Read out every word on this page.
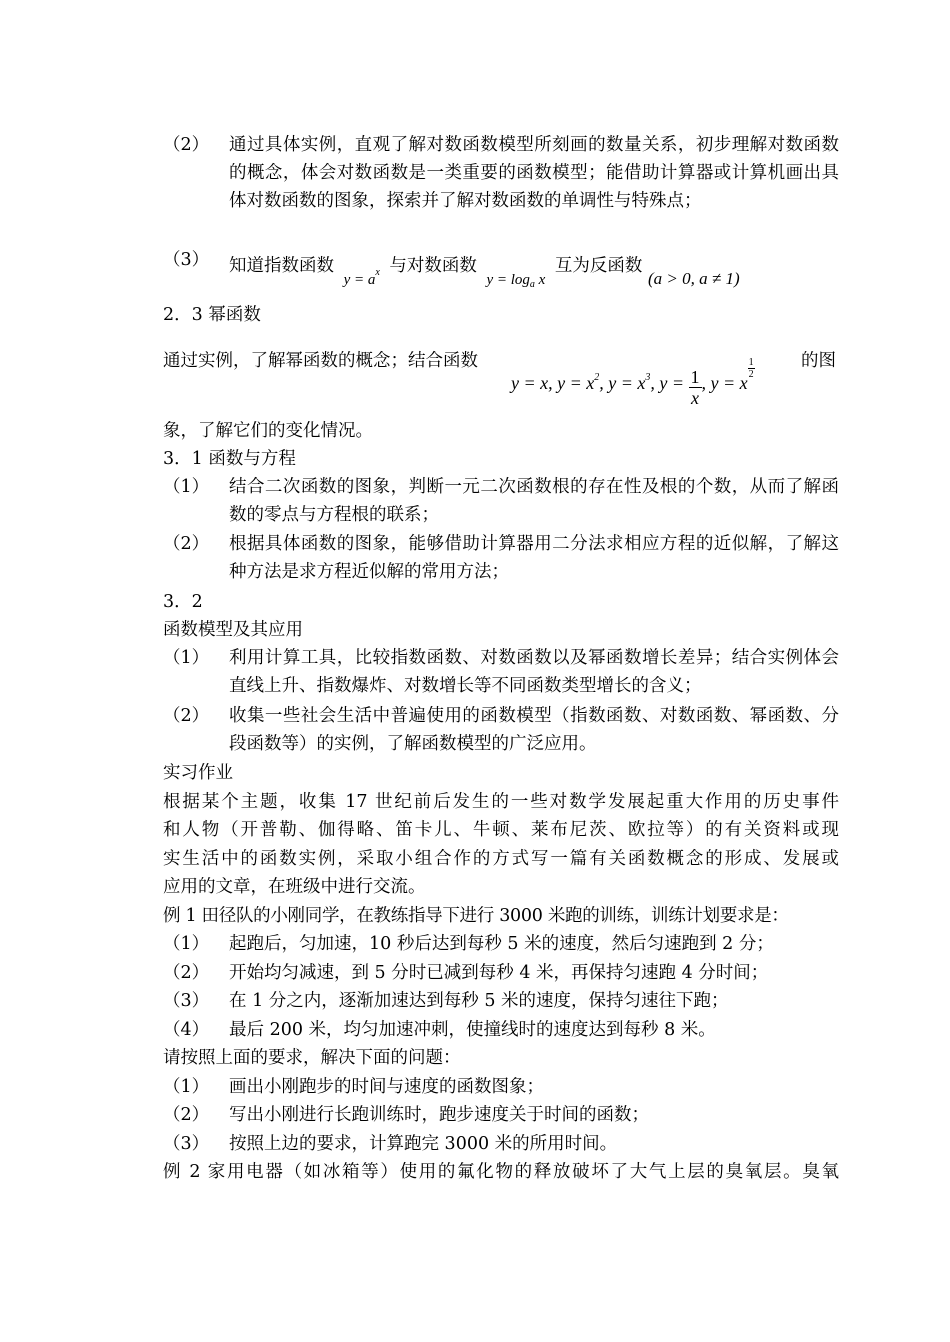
（2）	通过具体实例，直观了解对数函数模型所刻画的数量关系，初步理解对数函数的概念，体会对数函数是一类重要的函数模型；能借助计算器或计算机画出具体对数函数的图象，探索并了解对数函数的单调性与特殊点；
（3） 知道指数函数 $y = a^x$ 与对数函数 $y = \log_a x$ 互为反函数 (a > 0, a ≠ 1)
2．3 幂函数
通过实例，了解幂函数的概念；结合函数
y = x, $y = x^2$, $y = x^3$, $y = \frac{1}{x}$ , y = x
$\frac{1}{2}$	的图
象，了解它们的变化情况。
3．1 函数与方程
（1）	结合二次函数的图象，判断一元二次函数根的存在性及根的个数，从而了解函数的零点与方程根的联系；
（2）	根据具体函数的图象，能够借助计算器用二分法求相应方程的近似解，了解这种方法是求方程近似解的常用方法；
3．2
函数模型及其应用
（1）	利用计算工具，比较指数函数、对数函数以及幂函数增长差异；结合实例体会直线上升、指数爆炸、对数增长等不同函数类型增长的含义；
（2）	收集一些社会生活中普遍使用的函数模型（指数函数、对数函数、幂函数、分段函数等）的实例，了解函数模型的广泛应用。
实习作业
根据某个主题，收集 17 世纪前后发生的一些对数学发展起重大作用的历史事件
和人物（开普勒、伽得略、笛卡儿、牛顿、莱布尼茨、欧拉等）的有关资料或现
实生活中的函数实例，采取小组合作的方式写一篇有关函数概念的形成、发展或
应用的文章，在班级中进行交流。
例 1 田径队的小刚同学，在教练指导下进行 3000 米跑的训练，训练计划要求是：
（1）	起跑后，匀加速，10 秒后达到每秒 5 米的速度，然后匀速跑到 2 分；
（2）	开始均匀减速，到 5 分时已减到每秒 4 米，再保持匀速跑 4 分时间；
（3）	在 1 分之内，逐渐加速达到每秒 5 米的速度，保持匀速往下跑；
（4）	最后 200 米，均匀加速冲刺，使撞线时的速度达到每秒 8 米。
请按照上面的要求，解决下面的问题：
（1）	画出小刚跑步的时间与速度的函数图象；
（2）	写出小刚进行长跑训练时，跑步速度关于时间的函数；
（3）	按照上边的要求，计算跑完 3000 米的所用时间。
例 2 家用电器（如冰箱等）使用的氟化物的释放破坏了大气上层的臭氧层。臭氧
